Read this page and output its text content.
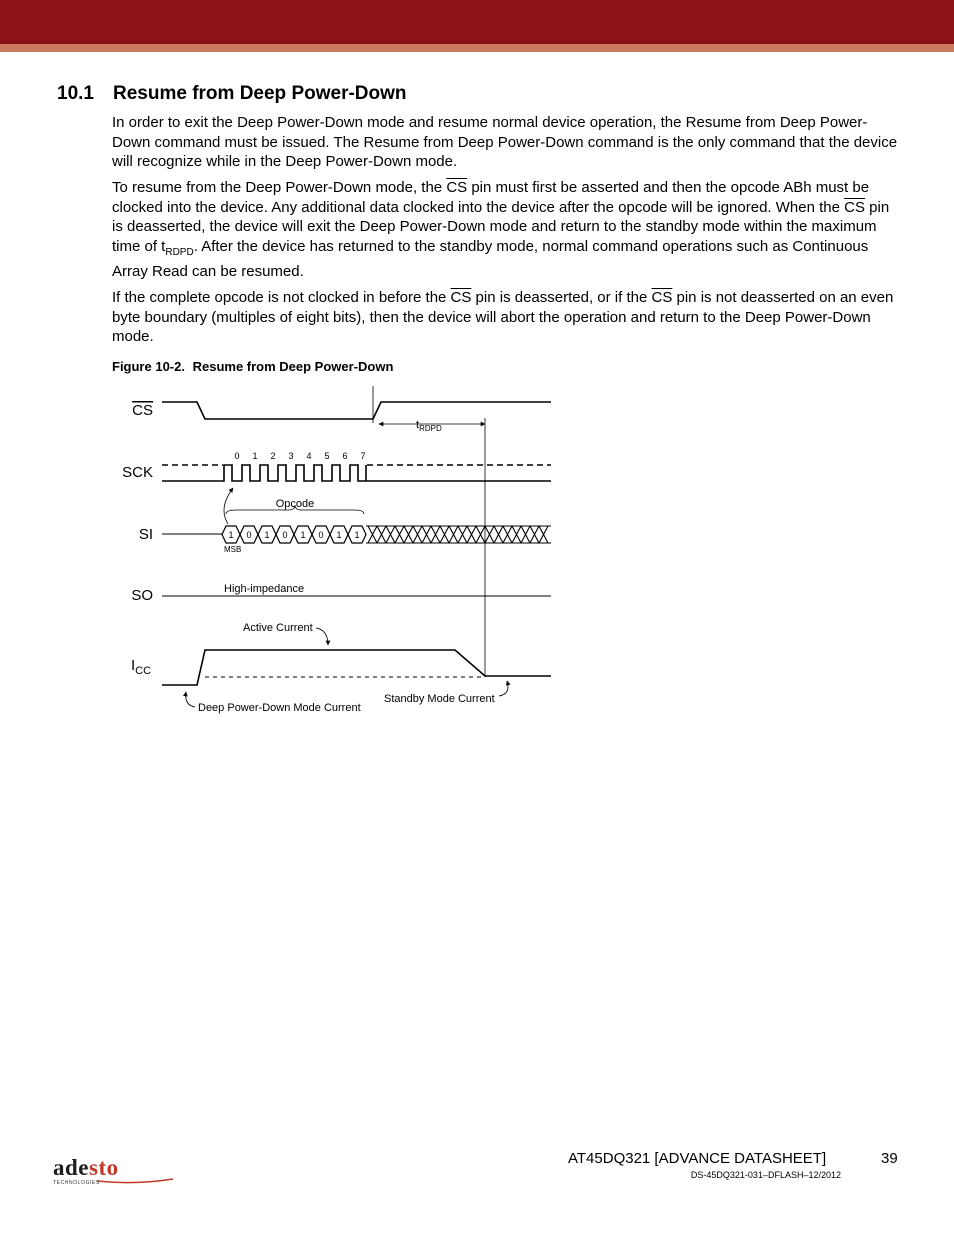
10.1 Resume from Deep Power-Down

In order to exit the Deep Power-Down mode and resume normal device operation, the Resume from Deep Power-Down command must be issued. The Resume from Deep Power-Down command is the only command that the device will recognize while in the Deep Power-Down mode.

To resume from the Deep Power-Down mode, the $\overline{CS}$ pin must first be asserted and then the opcode ABh must be clocked into the device. Any additional data clocked into the device after the opcode will be ignored. When the $\overline{CS}$ pin is deasserted, the device will exit the Deep Power-Down mode and return to the standby mode within the maximum time of $t_{RDPD}$. After the device has returned to the standby mode, normal command operations such as Continuous Array Read can be resumed.

If the complete opcode is not clocked in before the $\overline{CS}$ pin is deasserted, or if the $\overline{CS}$ pin is not deasserted on an even byte boundary (multiples of eight bits), then the device will abort the operation and return to the Deep Power-Down mode.

Figure 10-2. Resume from Deep Power-Down

CS
SCK
SI
SO
$I_{CC}$
$t_{RDPD}$
0 1 2 3 4 5 6 7
Opcode
1 0 1 0 1 0 1 1
MSB
High-impedance
Active Current
Standby Mode Current
Deep Power-Down Mode Current
adesto
TECHNOLOGIES
AT45DQ321 [ADVANCE DATASHEET]	39
DS-45DQ321-031–DFLASH–12/2012
